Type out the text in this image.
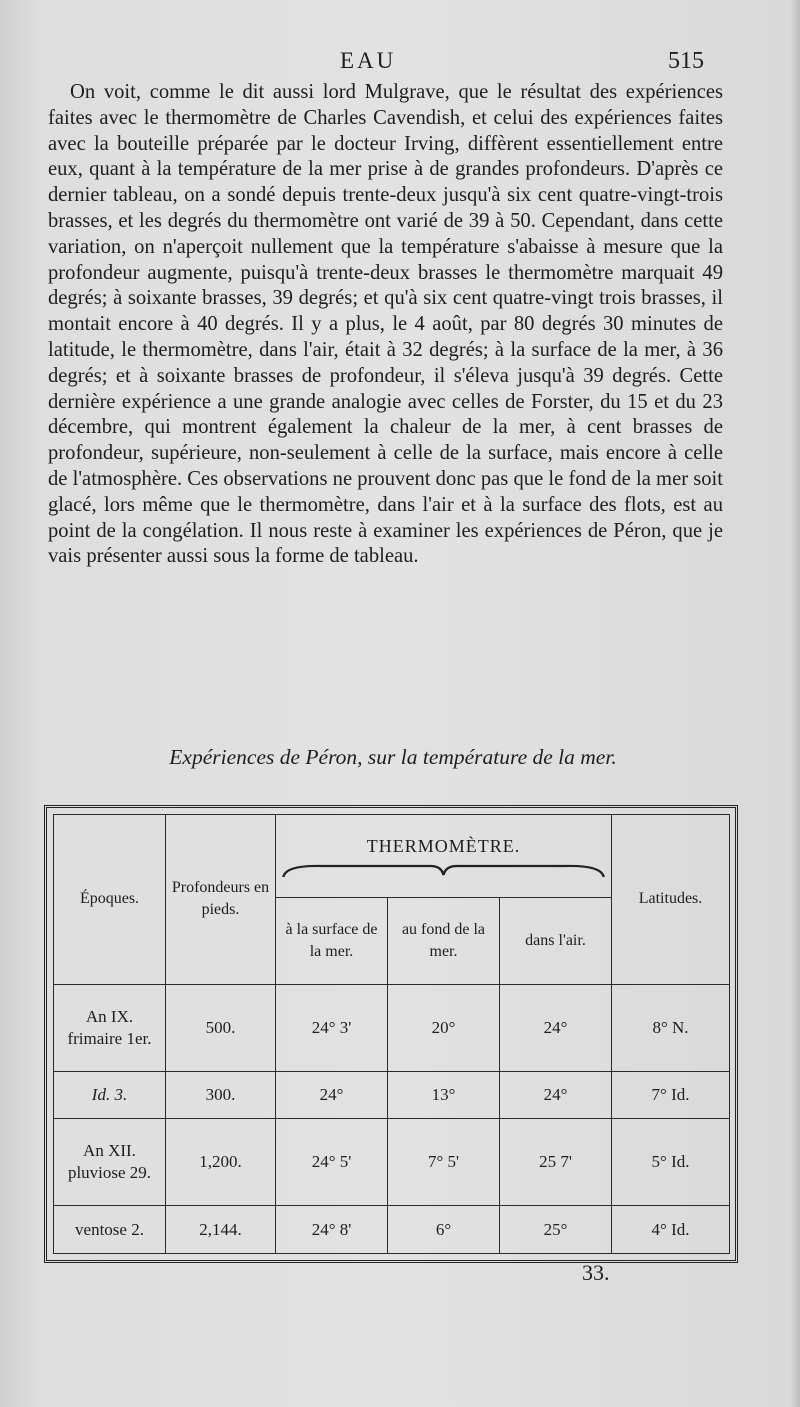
EAU	515

On voit, comme le dit aussi lord Mulgrave, que le résultat des expériences faites avec le thermomètre de Charles Cavendish, et celui des expériences faites avec la bouteille préparée par le docteur Irving, diffèrent essentiellement entre eux, quant à la température de la mer prise à de grandes profondeurs. D'après ce dernier tableau, on a sondé depuis trente-deux jusqu'à six cent quatre-vingt-trois brasses, et les degrés du thermomètre ont varié de 39 à 50. Cependant, dans cette variation, on n'aperçoit nullement que la température s'abaisse à mesure que la profondeur augmente, puisqu'à trente-deux brasses le thermomètre marquait 49 degrés; à soixante brasses, 39 degrés; et qu'à six cent quatre-vingt trois brasses, il montait encore à 40 degrés. Il y a plus, le 4 août, par 80 degrés 30 minutes de latitude, le thermomètre, dans l'air, était à 32 degrés; à la surface de la mer, à 36 degrés; et à soixante brasses de profondeur, il s'éleva jusqu'à 39 degrés. Cette dernière expérience a une grande analogie avec celles de Forster, du 15 et du 23 décembre, qui montrent également la chaleur de la mer, à cent brasses de profondeur, supérieure, non-seulement à celle de la surface, mais encore à celle de l'atmosphère. Ces observations ne prouvent donc pas que le fond de la mer soit glacé, lors même que le thermomètre, dans l'air et à la surface des flots, est au point de la congélation. Il nous reste à examiner les expériences de Péron, que je vais présenter aussi sous la forme de tableau.

Expériences de Péron, sur la température de la mer.
Époques.	Profondeurs en pieds.	THERMOMÈTRE.			Latitudes.
		à la surface de la mer.	au fond de la mer.	dans l'air.	
An IX. frimaire 1er.	500.	24° 3'	20°	24°	8° N.
Id. 3.	300.	24°	13°	24°	7° Id.
An XII. pluviose 29.	1,200.	24° 5'	7° 5'	25 7'	5° Id.
ventose 2.	2,144.	24° 8'	6°	25°	4° Id.
33.
